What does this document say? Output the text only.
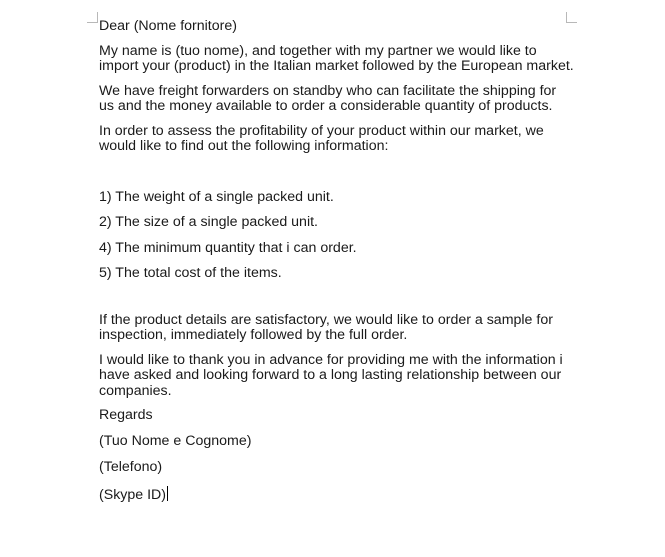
Dear (Nome fornitore)

My name is (tuo nome), and together with my partner we would like to import your (product) in the Italian market followed by the European market.

We have freight forwarders on standby who can facilitate the shipping for us and the money available to order a considerable quantity of products.

In order to assess the profitability of your product within our market, we would like to find out the following information:

1) The weight of a single packed unit.

2) The size of a single packed unit.

4) The minimum quantity that i can order.

5) The total cost of the items.

If the product details are satisfactory, we would like to order a sample for inspection, immediately followed by the full order.

I would like to thank you in advance for providing me with the information i have asked and looking forward to a long lasting relationship between our companies.

Regards

(Tuo Nome e Cognome)

(Telefono)

(Skype ID)
